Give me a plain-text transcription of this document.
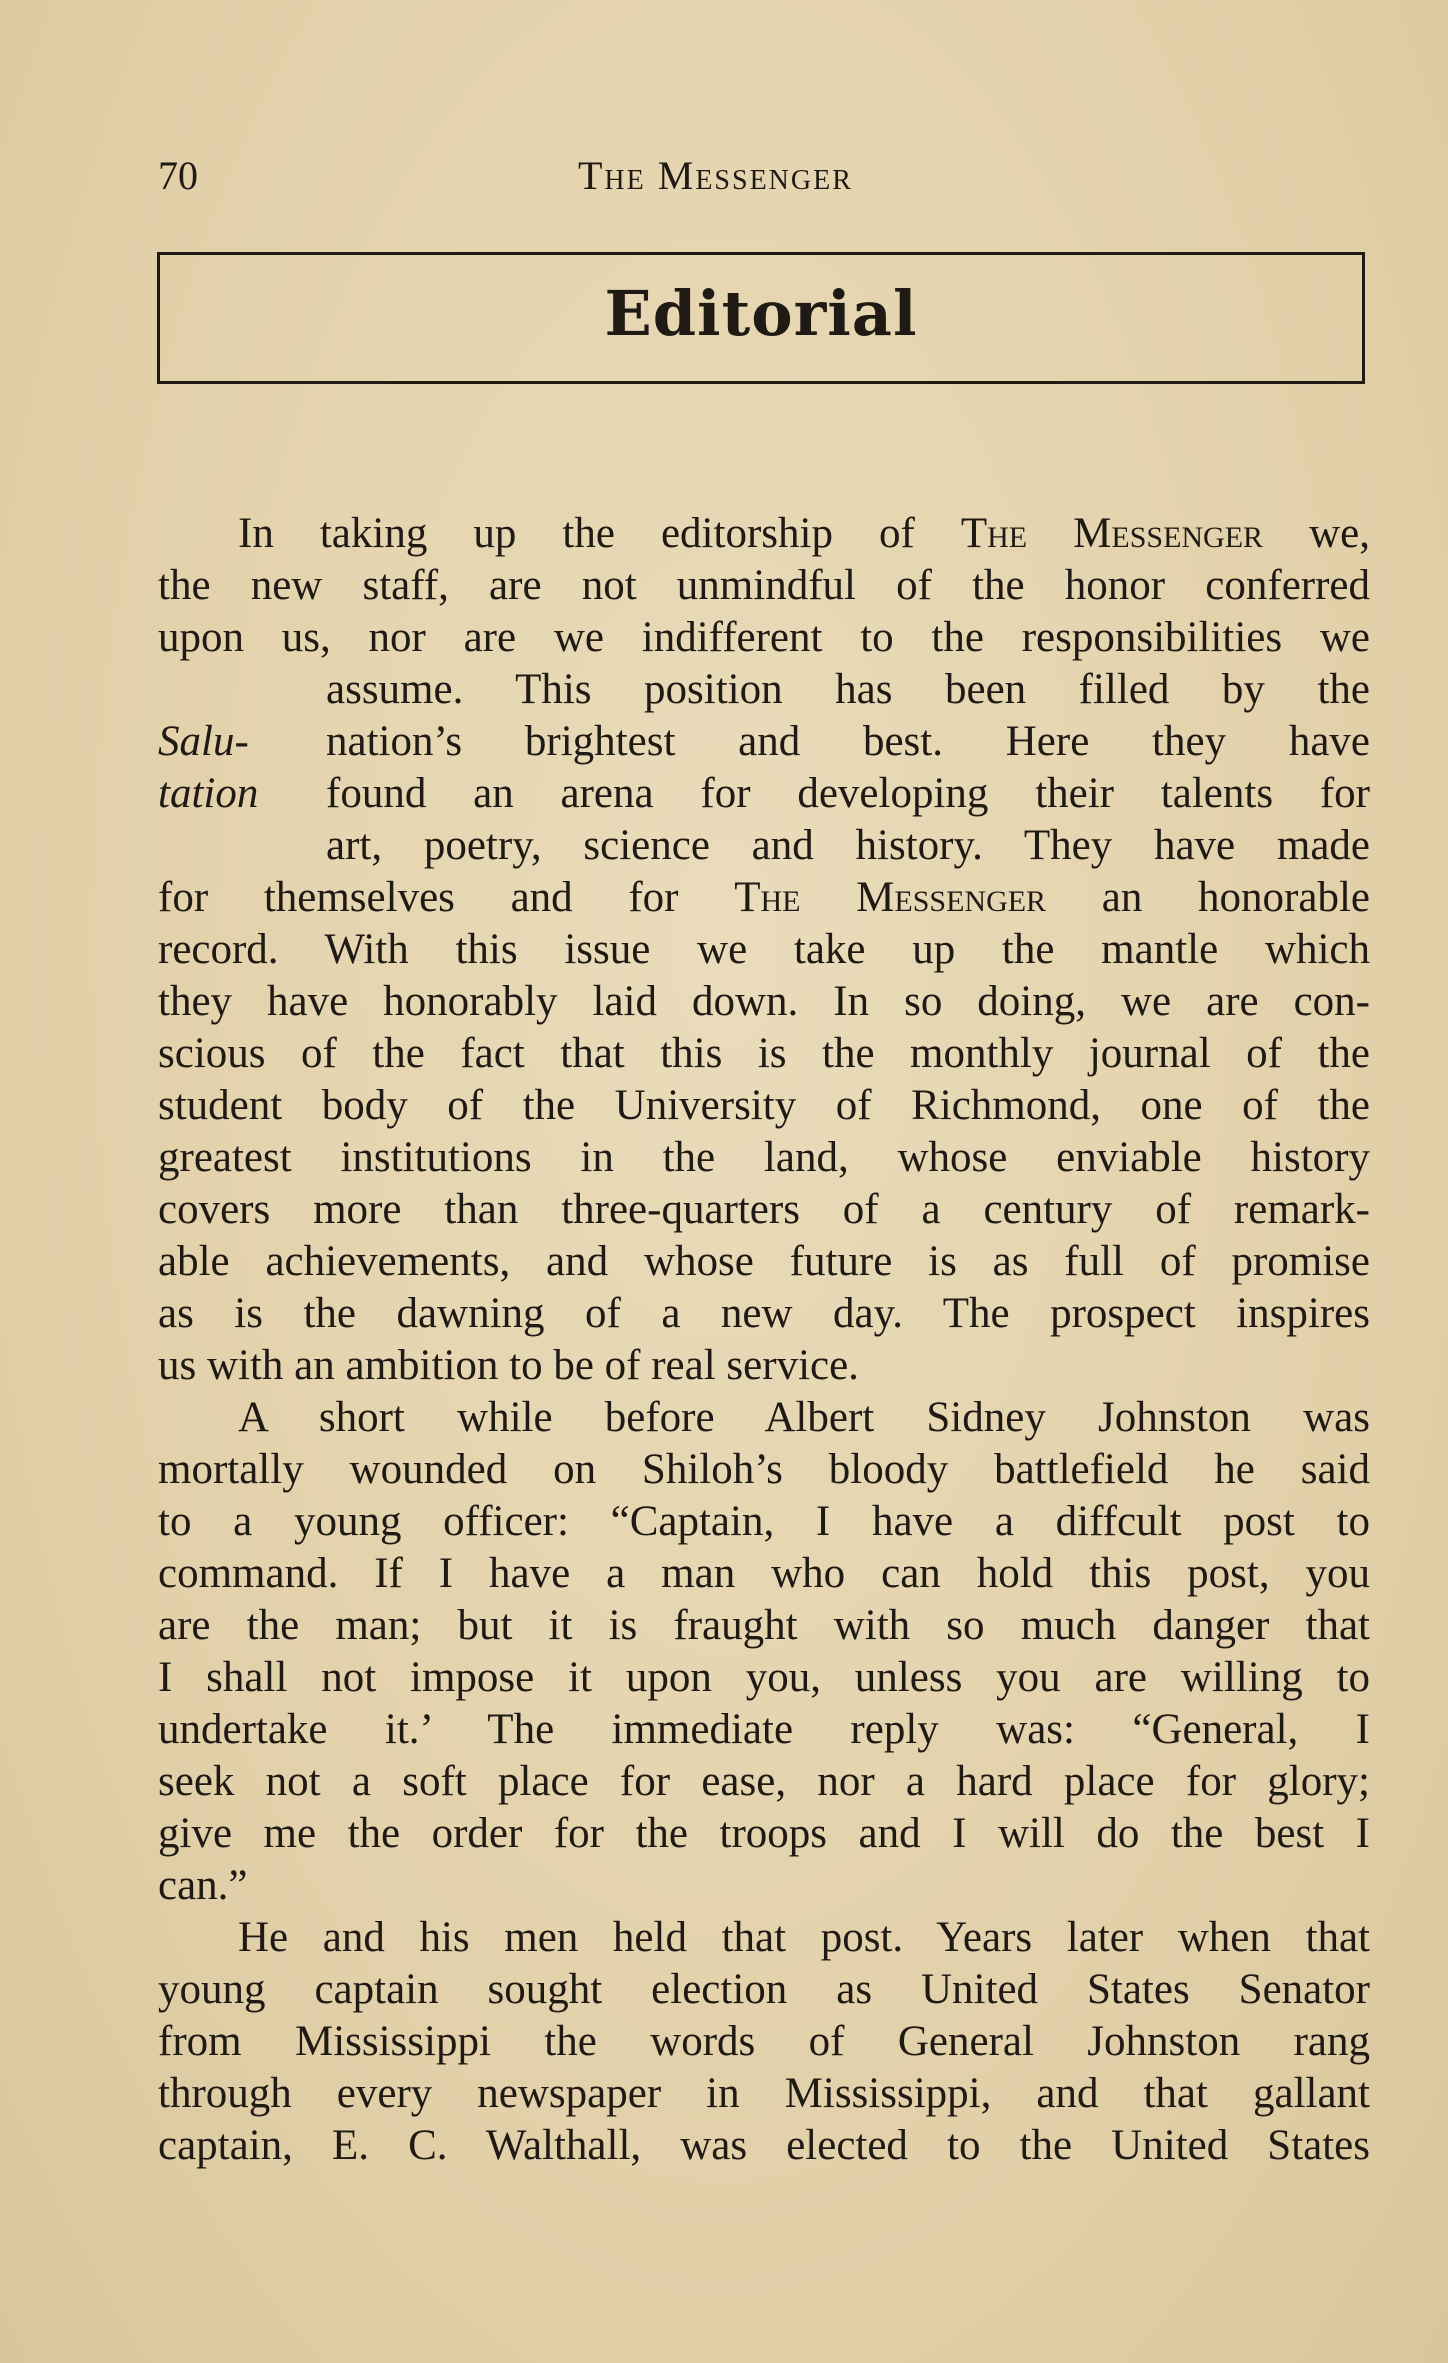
70	The Messenger
Editorial
In taking up the editorship of The Messenger we,
the new staff, are not unmindful of the honor conferred
upon us, nor are we indifferent to the responsibilities we
assume. This position has been filled by the
Salu-	nation’s brightest and best. Here they have
tation	found an arena for developing their talents for
art, poetry, science and history. They have made
for themselves and for The Messenger an honorable
record. With this issue we take up the mantle which
they have honorably laid down. In so doing, we are con-
scious of the fact that this is the monthly journal of the
student body of the University of Richmond, one of the
greatest institutions in the land, whose enviable history
covers more than three-quarters of a century of remark-
able achievements, and whose future is as full of promise
as is the dawning of a new day. The prospect inspires
us with an ambition to be of real service.
A short while before Albert Sidney Johnston was
mortally wounded on Shiloh’s bloody battlefield he said
to a young officer: “Captain, I have a diffcult post to
command. If I have a man who can hold this post, you
are the man; but it is fraught with so much danger that
I shall not impose it upon you, unless you are willing to
undertake it.’ The immediate reply was: “General, I
seek not a soft place for ease, nor a hard place for glory;
give me the order for the troops and I will do the best I
can.”
He and his men held that post. Years later when that
young captain sought election as United States Senator
from Mississippi the words of General Johnston rang
through every newspaper in Mississippi, and that gallant
captain, E. C. Walthall, was elected to the United States
